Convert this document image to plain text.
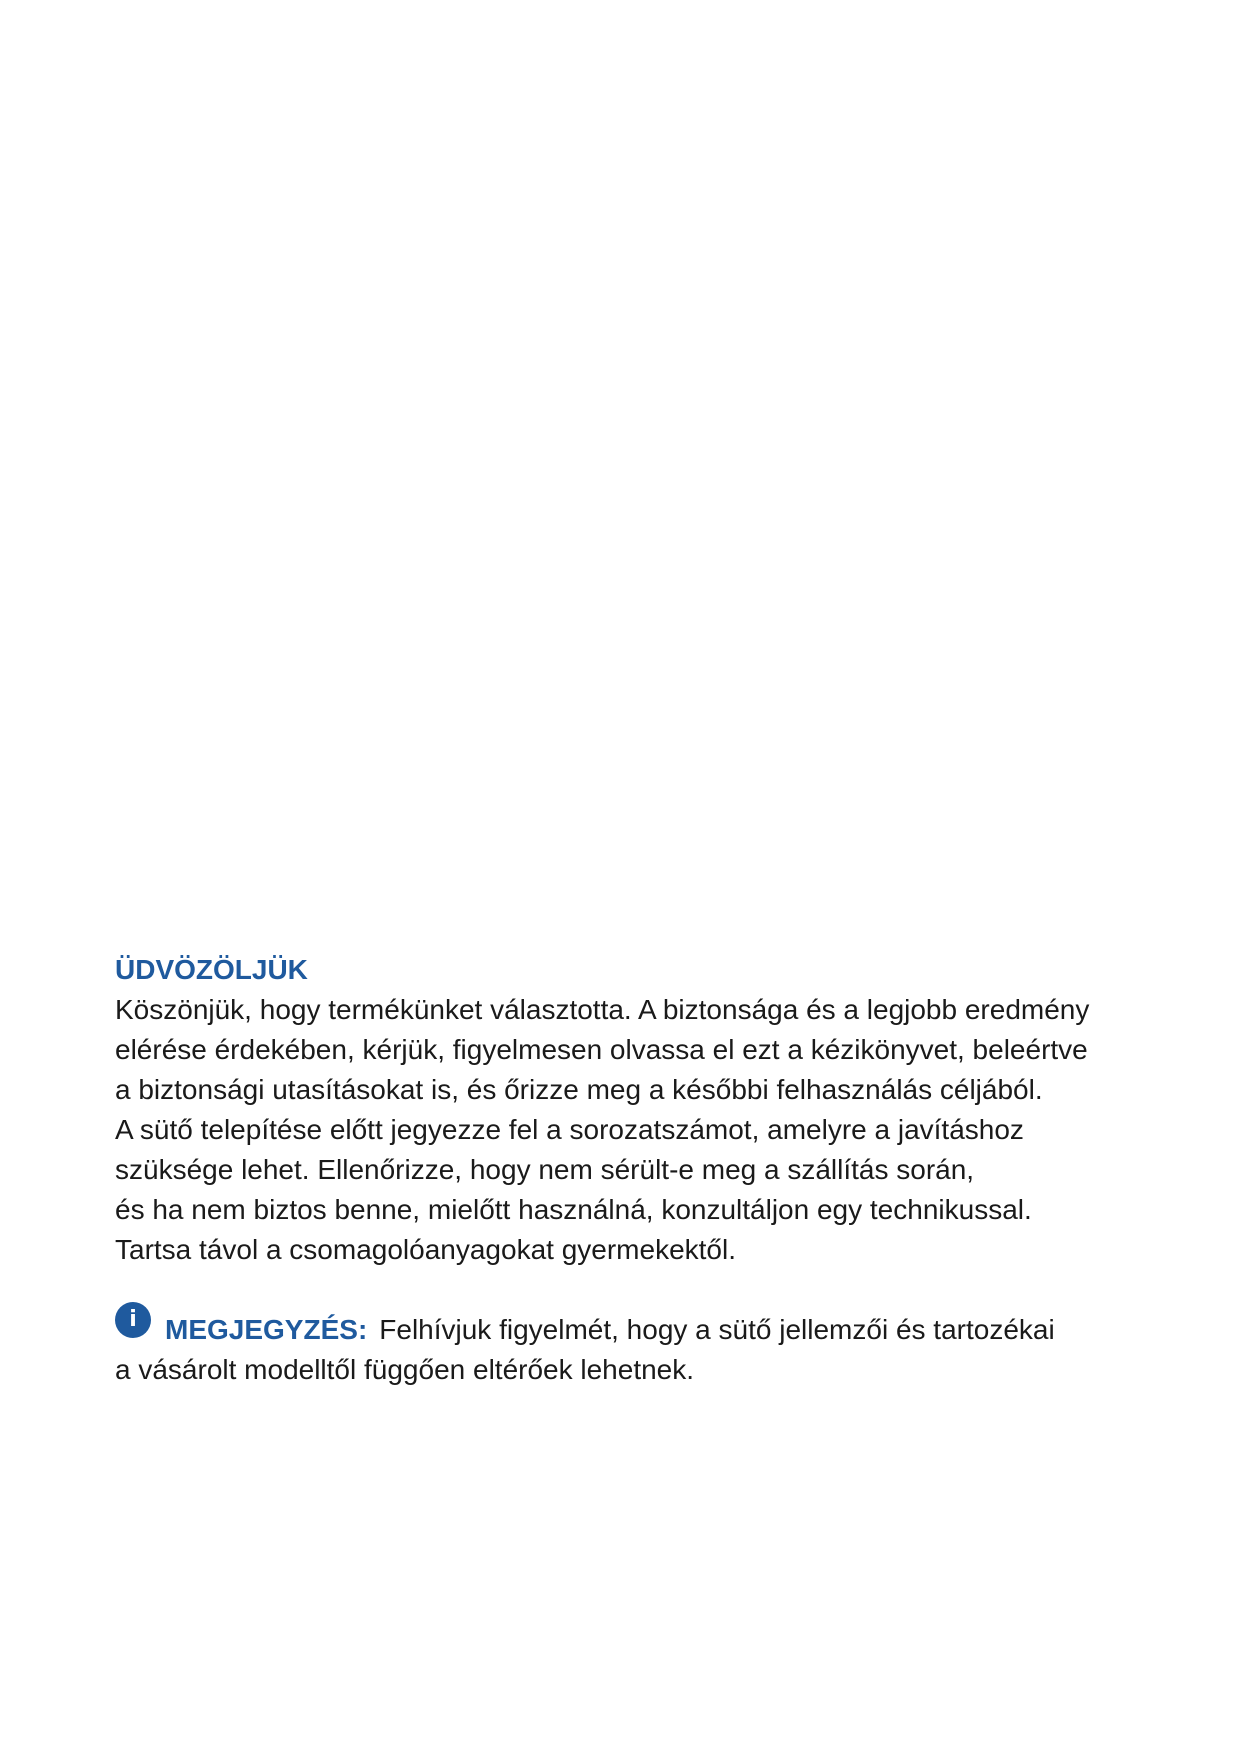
ÜDVÖZÖLJÜK

Köszönjük, hogy termékünket választotta. A biztonsága és a legjobb eredmény

elérése érdekében, kérjük, figyelmesen olvassa el ezt a kézikönyvet, beleértve

a biztonsági utasításokat is, és őrizze meg a későbbi felhasználás céljából.

A sütő telepítése előtt jegyezze fel a sorozatszámot, amelyre a javításhoz

szüksége lehet. Ellenőrizze, hogy nem sérült-e meg a szállítás során,

és ha nem biztos benne, mielőtt használná, konzultáljon egy technikussal.

Tartsa távol a csomagolóanyagokat gyermekektől.

i	MEGJEGYZÉS: Felhívjuk figyelmét, hogy a sütő jellemzői és tartozékai

a vásárolt modelltől függően eltérőek lehetnek.
